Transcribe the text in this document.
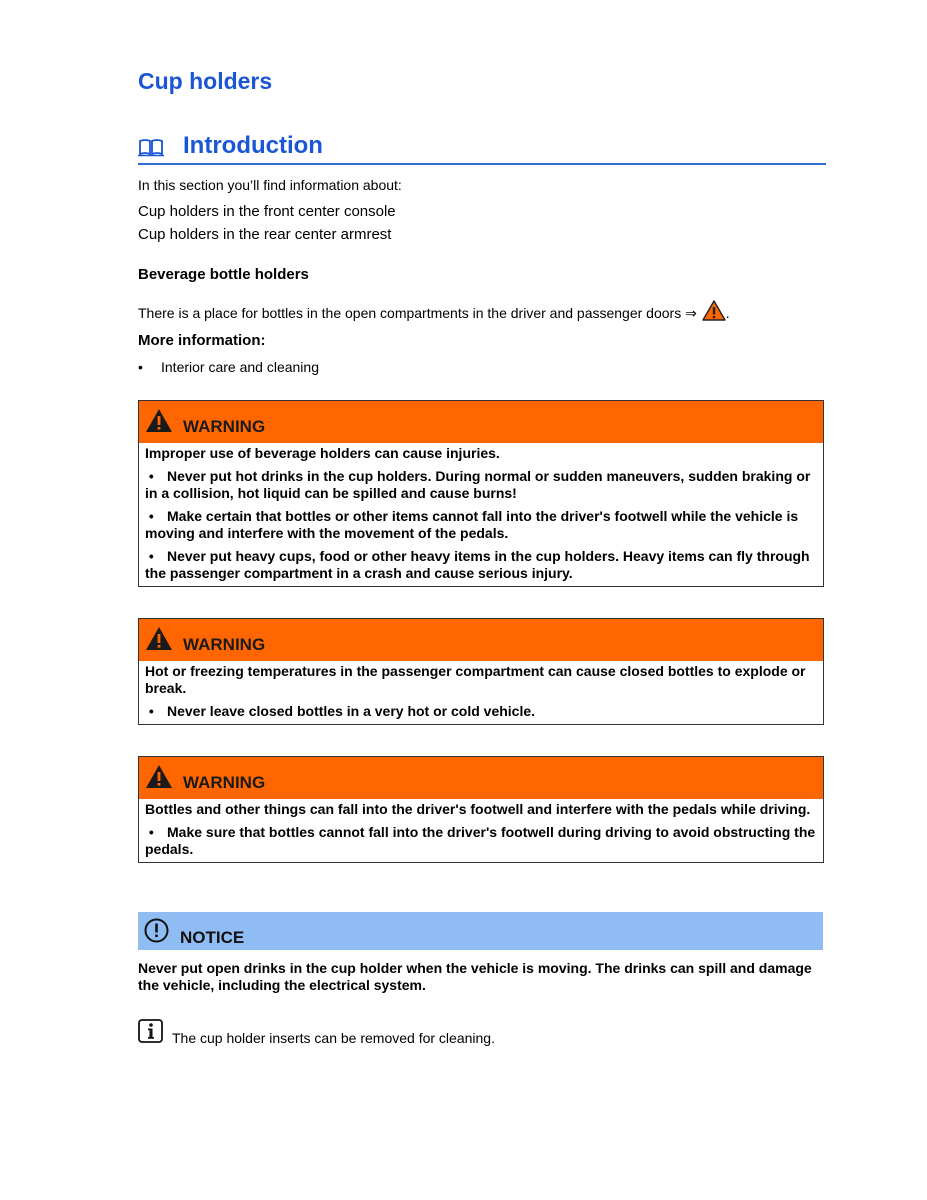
Cup holders
Introduction
In this section you’ll find information about:
Cup holders in the front center console
Cup holders in the rear center armrest
Beverage bottle holders
There is a place for bottles in the open compartments in the driver and passenger doors ⇒ .
More information:
• Interior care and cleaning
WARNING

Improper use of beverage holders can cause injuries.

• Never put hot drinks in the cup holders. During normal or sudden maneuvers, sudden braking or in a collision, hot liquid can be spilled and cause burns!

• Make certain that bottles or other items cannot fall into the driver's footwell while the vehicle is moving and interfere with the movement of the pedals.

• Never put heavy cups, food or other heavy items in the cup holders. Heavy items can fly through the passenger compartment in a crash and cause serious injury.

WARNING

Hot or freezing temperatures in the passenger compartment can cause closed bottles to explode or break.

• Never leave closed bottles in a very hot or cold vehicle.

WARNING

Bottles and other things can fall into the driver's footwell and interfere with the pedals while driving.

• Make sure that bottles cannot fall into the driver's footwell during driving to avoid obstructing the pedals.

NOTICE
Never put open drinks in the cup holder when the vehicle is moving. The drinks can spill and damage the vehicle, including the electrical system.
The cup holder inserts can be removed for cleaning.
